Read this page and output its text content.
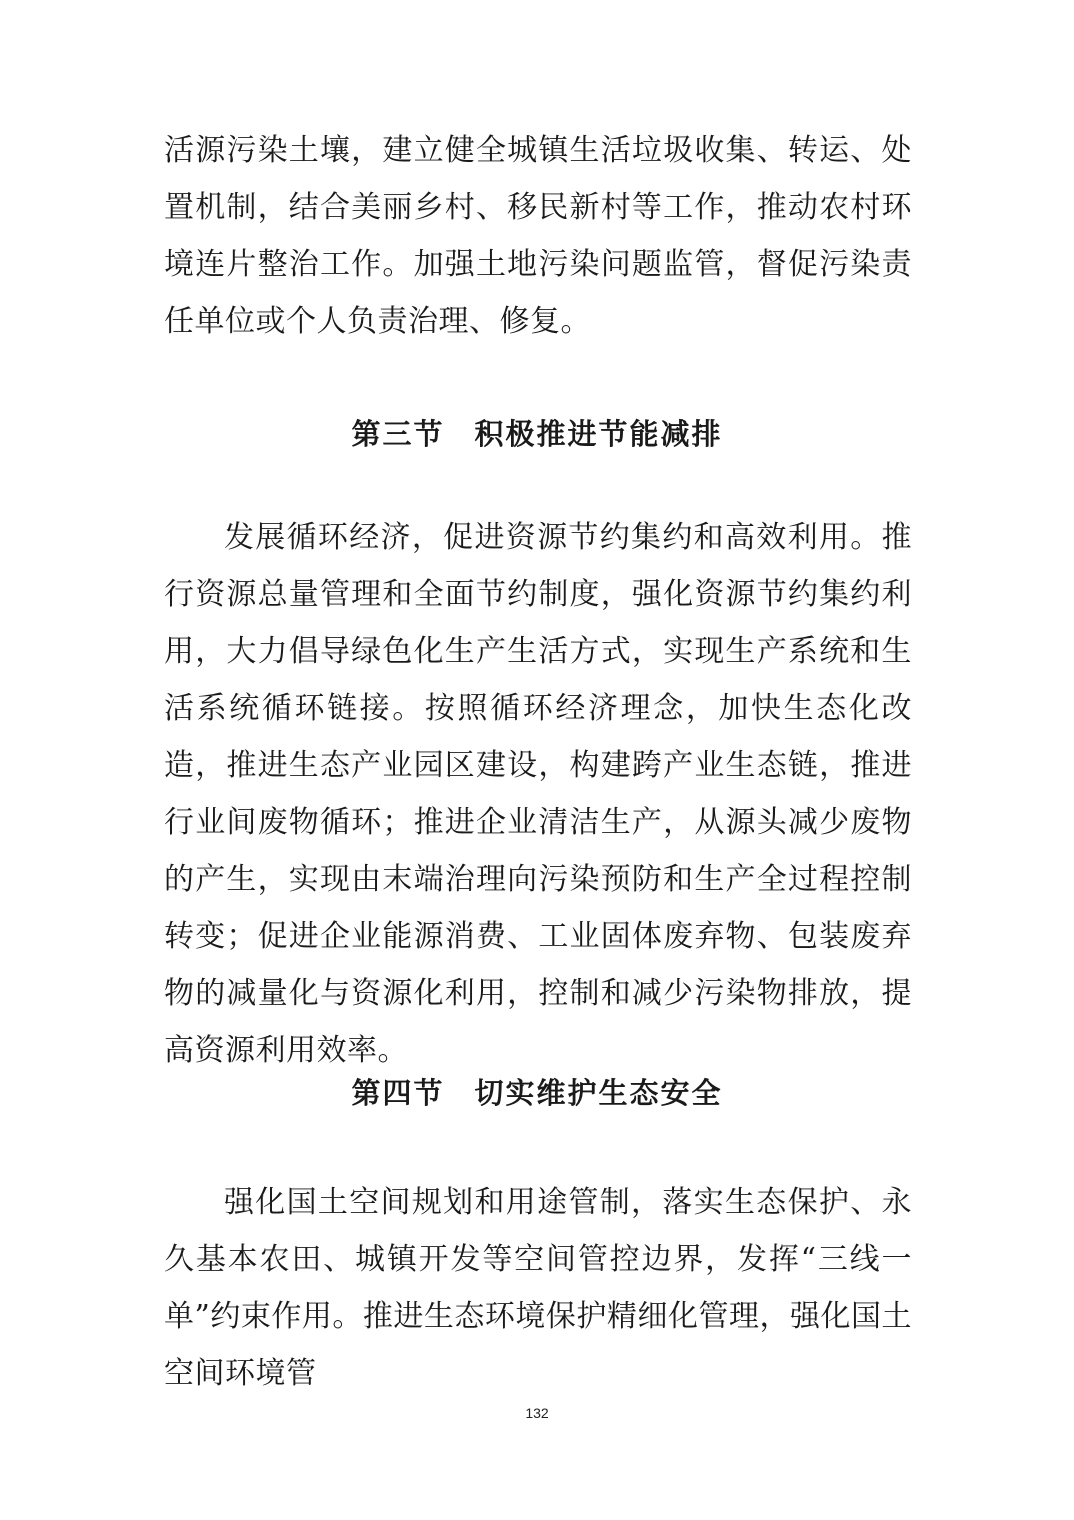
活源污染土壤，建立健全城镇生活垃圾收集、转运、处置机制，结合美丽乡村、移民新村等工作，推动农村环境连片整治工作。加强土地污染问题监管，督促污染责任单位或个人负责治理、修复。

第三节 积极推进节能减排

发展循环经济，促进资源节约集约和高效利用。推行资源总量管理和全面节约制度，强化资源节约集约利用，大力倡导绿色化生产生活方式，实现生产系统和生活系统循环链接。按照循环经济理念，加快生态化改造，推进生态产业园区建设，构建跨产业生态链，推进行业间废物循环；推进企业清洁生产，从源头减少废物的产生，实现由末端治理向污染预防和生产全过程控制转变；促进企业能源消费、工业固体废弃物、包装废弃物的减量化与资源化利用，控制和减少污染物排放，提高资源利用效率。

第四节 切实维护生态安全

强化国土空间规划和用途管制，落实生态保护、永久基本农田、城镇开发等空间管控边界，发挥“三线一单”约束作用。推进生态环境保护精细化管理，强化国土空间环境管

132
